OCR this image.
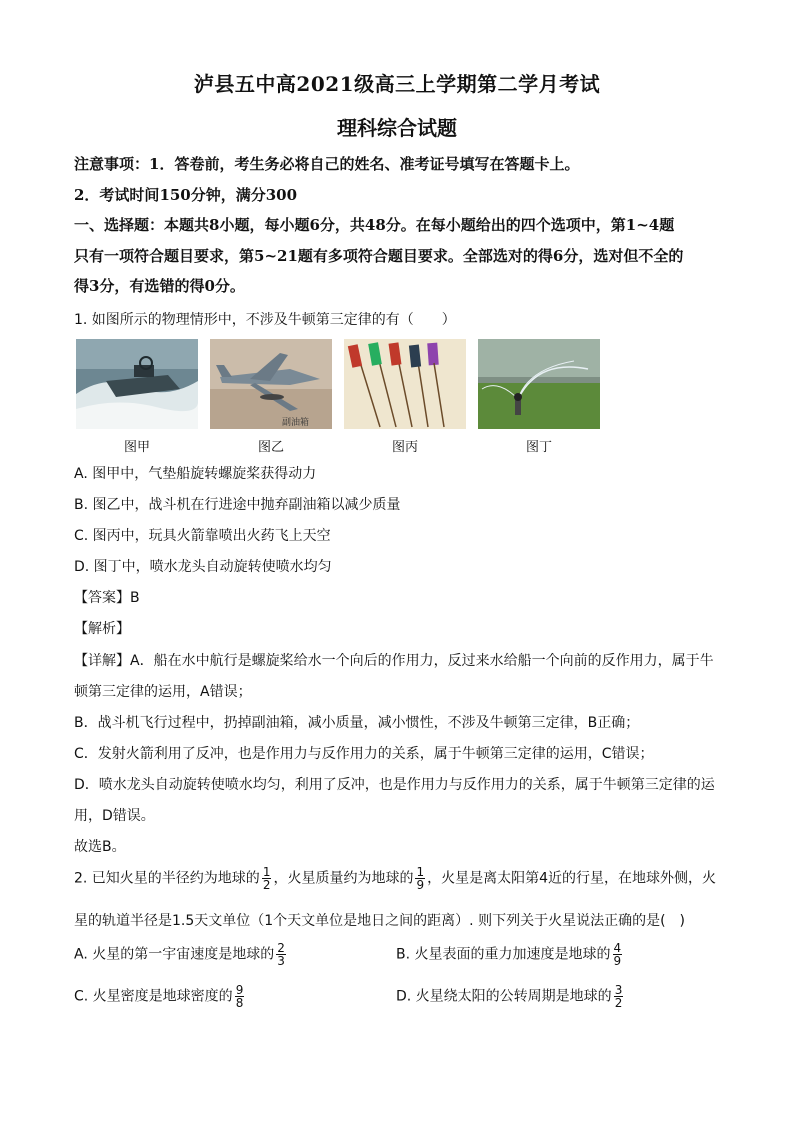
泸县五中高2021级高三上学期第二学月考试
理科综合试题
注意事项：1．答卷前，考生务必将自己的姓名、准考证号填写在答题卡上。
2．考试时间150分钟，满分300
一、选择题：本题共8小题，每小题6分，共48分。在每小题给出的四个选项中，第1~4题
只有一项符合题目要求，第5~21题有多项符合题目要求。全部选对的得6分，选对但不全的
得3分，有选错的得0分。
1. 如图所示的物理情形中，不涉及牛顿第三定律的有（　　）
图甲
副油箱
图乙	图丙	图丁
A. 图甲中，气垫船旋转螺旋桨获得动力
B. 图乙中，战斗机在行进途中抛弃副油箱以减少质量
C. 图丙中，玩具火箭靠喷出火药飞上天空
D. 图丁中，喷水龙头自动旋转使喷水均匀
【答案】B
【解析】
【详解】A．船在水中航行是螺旋桨给水一个向后的作用力，反过来水给船一个向前的反作用力，属于牛
顿第三定律的运用，A错误；
B．战斗机飞行过程中，扔掉副油箱，减小质量，减小惯性，不涉及牛顿第三定律，B正确；
C．发射火箭利用了反冲，也是作用力与反作用力的关系，属于牛顿第三定律的运用，C错误；
D．喷水龙头自动旋转使喷水均匀，利用了反冲，也是作用力与反作用力的关系，属于牛顿第三定律的运
用，D错误。
故选B。
2. 已知火星的半径约为地球的 $\frac{1}{2}$ ，火星质量约为地球的 $\frac{1}{9}$ ，火星是离太阳第4近的行星，在地球外侧，火
星的轨道半径是1.5天文单位（1个天文单位是地日之间的距离）. 则下列关于火星说法正确的是(　)
A. 火星的第一宇宙速度是地球的 $\frac{2}{3}$	B. 火星表面的重力加速度是地球的 $\frac{4}{9}$
C. 火星密度是地球密度的 $\frac{9}{8}$	D. 火星绕太阳的公转周期是地球的 $\frac{3}{2}$
